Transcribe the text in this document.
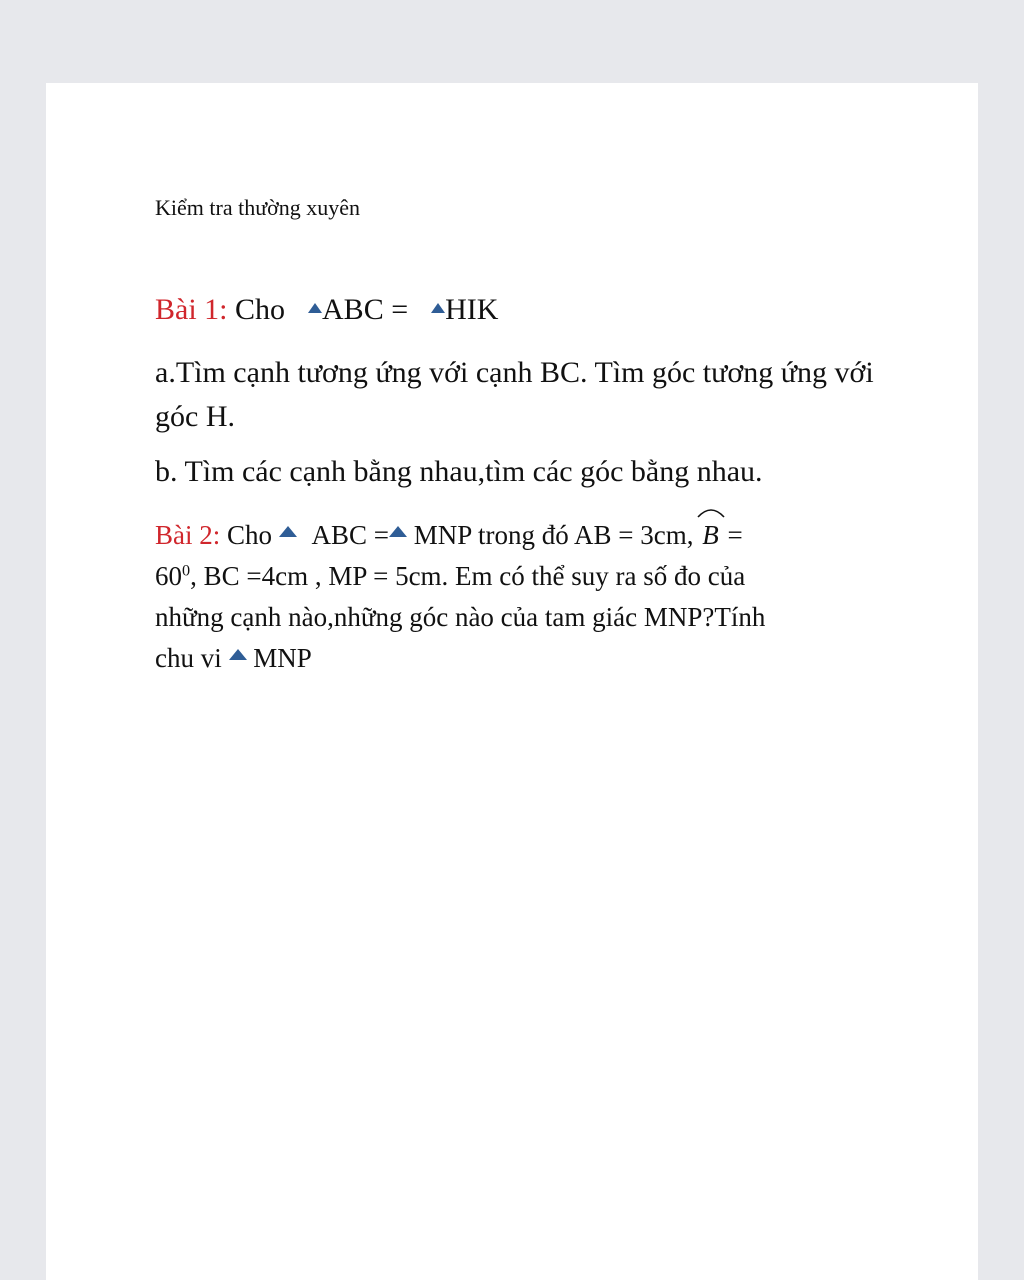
Kiểm tra thường xuyên
Bài 1: Cho ABC = HIK
a.Tìm cạnh tương ứng với cạnh BC. Tìm góc tương ứng với góc H.
b. Tìm các cạnh bằng nhau,tìm các góc bằng nhau.
Bài 2: Cho ABC = MNP trong đó AB = 3cm, B =
$60^0$, BC =4cm , MP = 5cm. Em có thể suy ra số đo của
những cạnh nào,những góc nào của tam giác MNP?Tính
chu vi MNP
